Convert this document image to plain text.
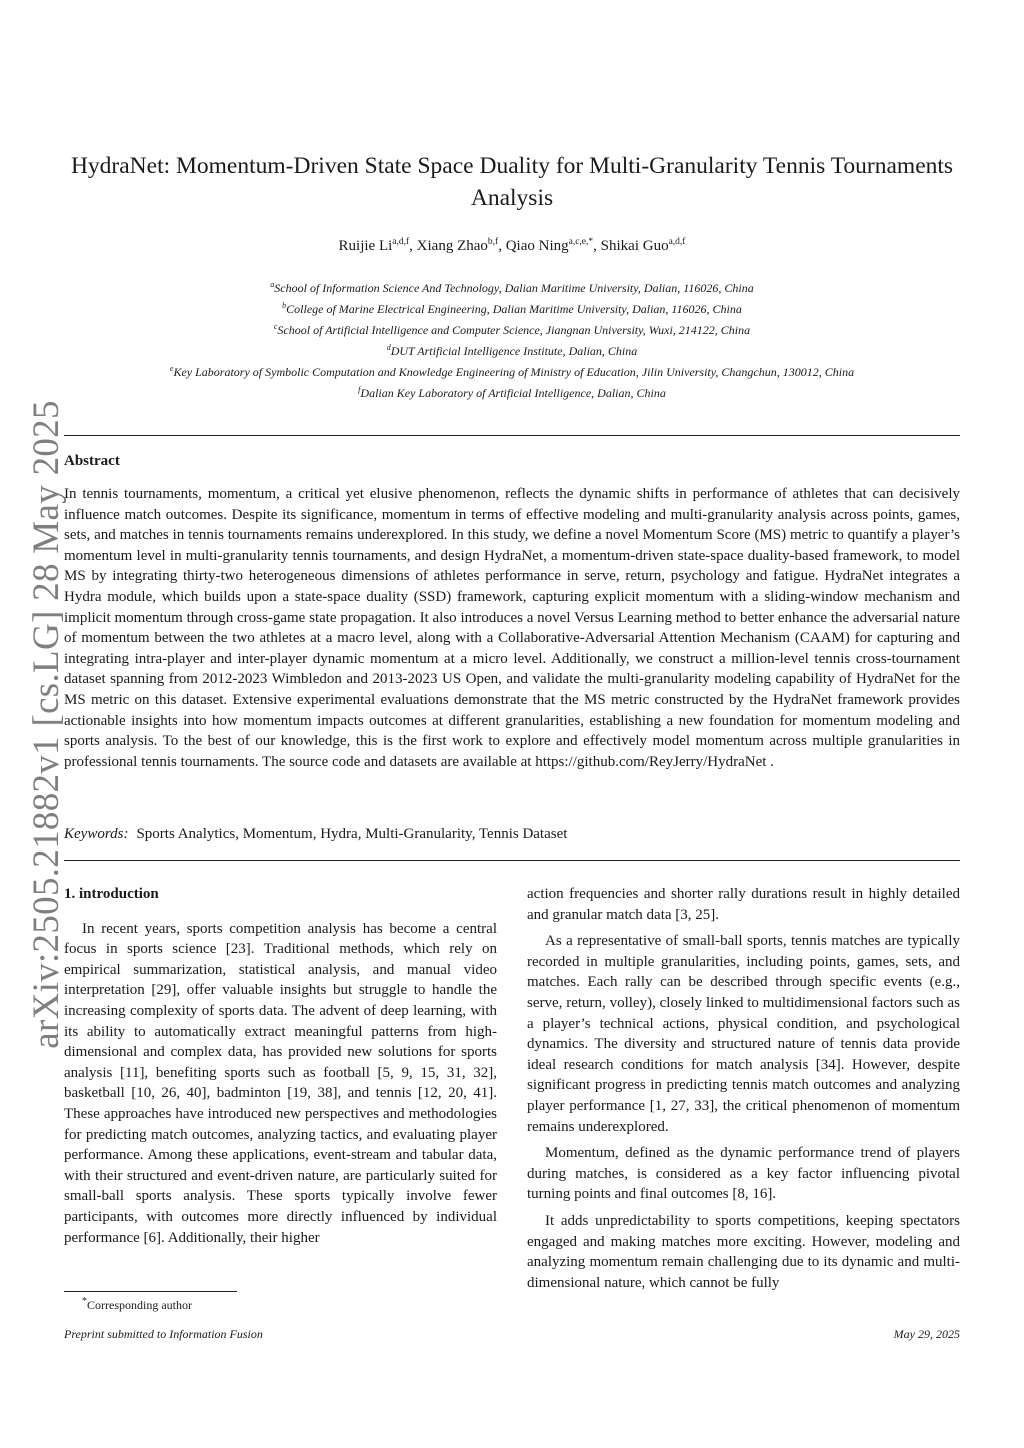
arXiv:2505.21882v1 [cs.LG] 28 May 2025
HydraNet: Momentum-Driven State Space Duality for Multi-Granularity Tennis Tournaments Analysis
Ruijie Li$^{a,d,f}$, Xiang Zhao$^{b,f}$, Qiao Ning$^{a,c,e,*}$, Shikai Guo$^{a,d,f}$
$^a$School of Information Science And Technology, Dalian Maritime University, Dalian, 116026, China
$^b$College of Marine Electrical Engineering, Dalian Maritime University, Dalian, 116026, China
$^c$School of Artificial Intelligence and Computer Science, Jiangnan University, Wuxi, 214122, China
$^d$DUT Artificial Intelligence Institute, Dalian, China
$^e$Key Laboratory of Symbolic Computation and Knowledge Engineering of Ministry of Education, Jilin University, Changchun, 130012, China
$^f$Dalian Key Laboratory of Artificial Intelligence, Dalian, China
Abstract
In tennis tournaments, momentum, a critical yet elusive phenomenon, reflects the dynamic shifts in performance of athletes that can decisively influence match outcomes. Despite its significance, momentum in terms of effective modeling and multi-granularity analysis across points, games, sets, and matches in tennis tournaments remains underexplored. In this study, we define a novel Momentum Score (MS) metric to quantify a player’s momentum level in multi-granularity tennis tournaments, and design HydraNet, a momentum-driven state-space duality-based framework, to model MS by integrating thirty-two heterogeneous dimensions of athletes performance in serve, return, psychology and fatigue. HydraNet integrates a Hydra module, which builds upon a state-space duality (SSD) framework, capturing explicit momentum with a sliding-window mechanism and implicit momentum through cross-game state propagation. It also introduces a novel Versus Learning method to better enhance the adversarial nature of momentum between the two athletes at a macro level, along with a Collaborative-Adversarial Attention Mechanism (CAAM) for capturing and integrating intra-player and inter-player dynamic momentum at a micro level. Additionally, we construct a million-level tennis cross-tournament dataset spanning from 2012-2023 Wimbledon and 2013-2023 US Open, and validate the multi-granularity modeling capability of HydraNet for the MS metric on this dataset. Extensive experimental evaluations demonstrate that the MS metric constructed by the HydraNet framework provides actionable insights into how momentum impacts outcomes at different granularities, establishing a new foundation for momentum modeling and sports analysis. To the best of our knowledge, this is the first work to explore and effectively model momentum across multiple granularities in professional tennis tournaments. The source code and datasets are available at https://github.com/ReyJerry/HydraNet .
Keywords: Sports Analytics, Momentum, Hydra, Multi-Granularity, Tennis Dataset
1. introduction

In recent years, sports competition analysis has become a central focus in sports science [23]. Traditional methods, which rely on empirical summarization, statistical analysis, and manual video interpretation [29], offer valuable insights but struggle to handle the increasing complexity of sports data. The advent of deep learning, with its ability to automatically extract meaningful patterns from high-dimensional and complex data, has provided new solutions for sports analysis [11], benefiting sports such as football [5, 9, 15, 31, 32], basketball [10, 26, 40], badminton [19, 38], and tennis [12, 20, 41]. These approaches have introduced new perspectives and methodologies for predicting match outcomes, analyzing tactics, and evaluating player performance. Among these applications, event-stream and tabular data, with their structured and event-driven nature, are particularly suited for small-ball sports analysis. These sports typically involve fewer participants, with outcomes more directly influenced by individual performance [6]. Additionally, their higher

action frequencies and shorter rally durations result in highly detailed and granular match data [3, 25].

As a representative of small-ball sports, tennis matches are typically recorded in multiple granularities, including points, games, sets, and matches. Each rally can be described through specific events (e.g., serve, return, volley), closely linked to multidimensional factors such as a player’s technical actions, physical condition, and psychological dynamics. The diversity and structured nature of tennis data provide ideal research conditions for match analysis [34]. However, despite significant progress in predicting tennis match outcomes and analyzing player performance [1, 27, 33], the critical phenomenon of momentum remains underexplored.

Momentum, defined as the dynamic performance trend of players during matches, is considered as a key factor influencing pivotal turning points and final outcomes [8, 16].

It adds unpredictability to sports competitions, keeping spectators engaged and making matches more exciting. However, modeling and analyzing momentum remain challenging due to its dynamic and multi-dimensional nature, which cannot be fully

*Corresponding author
Preprint submitted to Information Fusion	May 29, 2025
